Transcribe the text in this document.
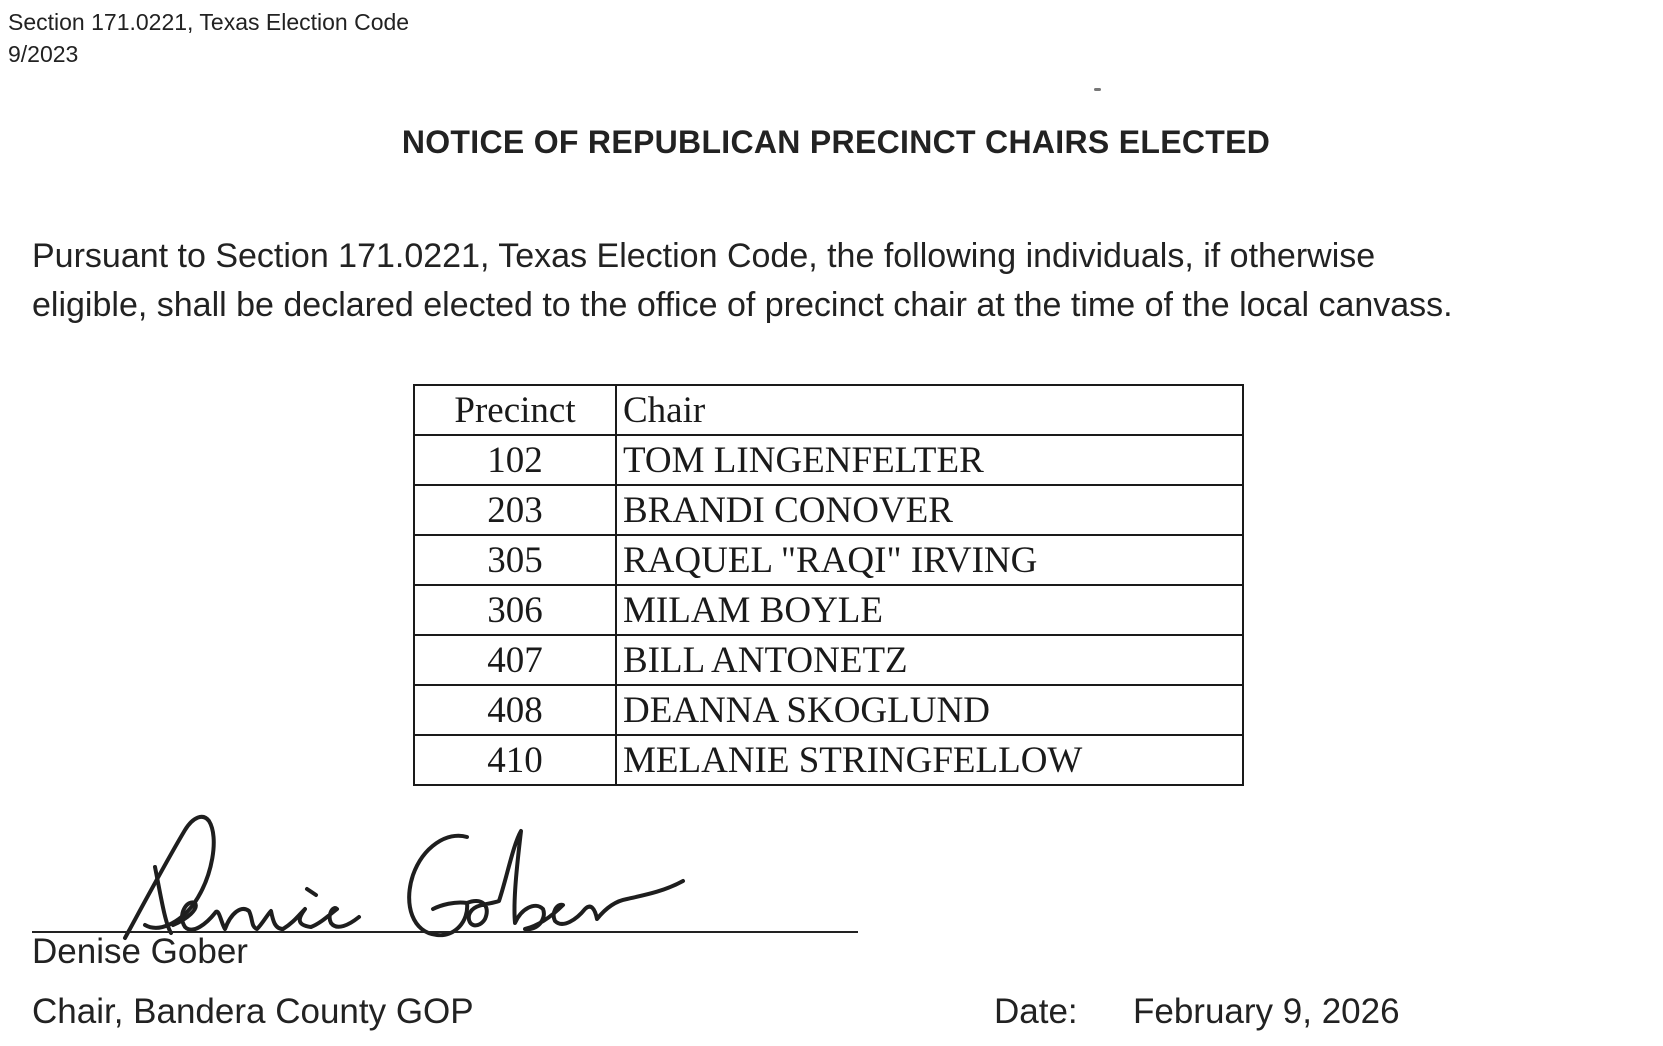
Section 171.0221, Texas Election Code
9/2023
NOTICE OF REPUBLICAN PRECINCT CHAIRS ELECTED
Pursuant to Section 171.0221, Texas Election Code, the following individuals, if otherwise
eligible, shall be declared elected to the office of precinct chair at the time of the local canvass.
Precinct	Chair
102	TOM LINGENFELTER
203	BRANDI CONOVER
305	RAQUEL "RAQI" IRVING
306	MILAM BOYLE
407	BILL ANTONETZ
408	DEANNA SKOGLUND
410	MELANIE STRINGFELLOW
Denise Gober
Chair, Bandera County GOP	Date: February 9, 2026
